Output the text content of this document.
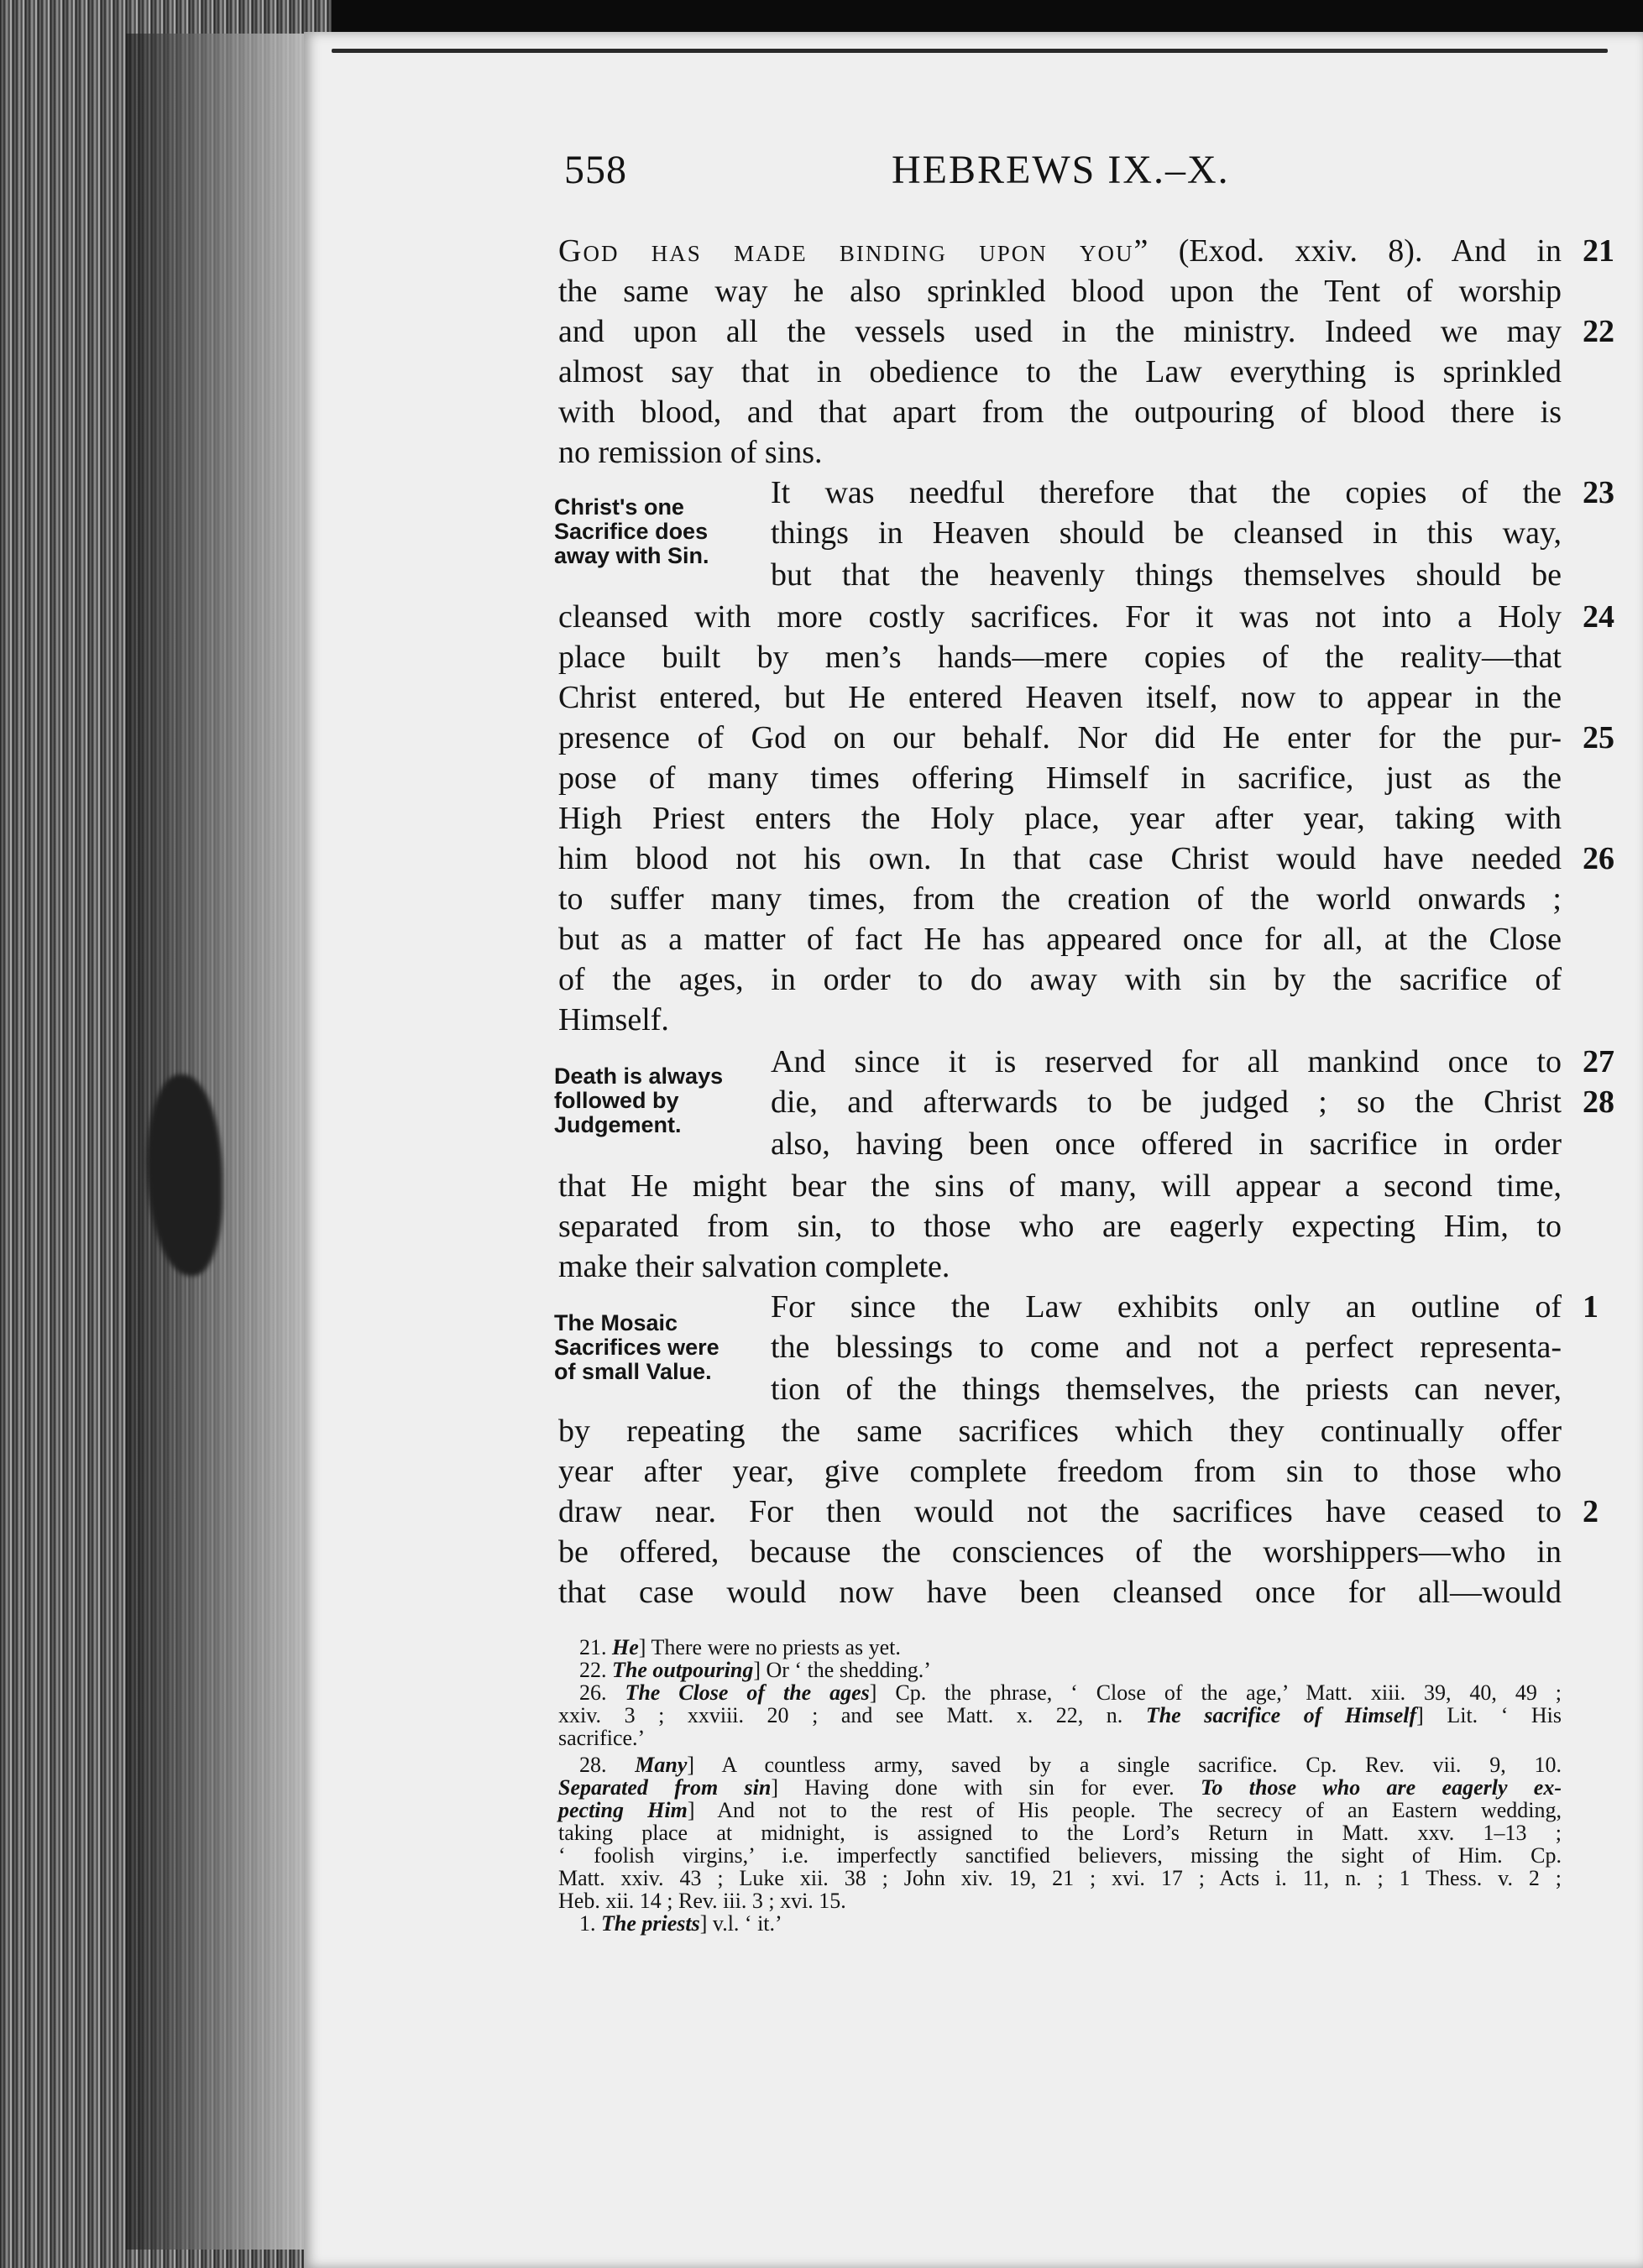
558	HEBREWS IX.–X.
God has made binding upon you” (Exod. xxiv. 8). And in
the same way he also sprinkled blood upon the Tent of worship
and upon all the vessels used in the ministry. Indeed we may
almost say that in obedience to the Law everything is sprinkled
with blood, and that apart from the outpouring of blood there is
no remission of sins.
It was needful therefore that the copies of the
things in Heaven should be cleansed in this way,
but that the heavenly things themselves should be
cleansed with more costly sacrifices. For it was not into a Holy
place built by men’s hands—mere copies of the reality—that
Christ entered, but He entered Heaven itself, now to appear in the
presence of God on our behalf. Nor did He enter for the pur-
pose of many times offering Himself in sacrifice, just as the
High Priest enters the Holy place, year after year, taking with
him blood not his own. In that case Christ would have needed
to suffer many times, from the creation of the world onwards ;
but as a matter of fact He has appeared once for all, at the Close
of the ages, in order to do away with sin by the sacrifice of
Himself.
And since it is reserved for all mankind once to
die, and afterwards to be judged ; so the Christ
also, having been once offered in sacrifice in order
that He might bear the sins of many, will appear a second time,
separated from sin, to those who are eagerly expecting Him, to
make their salvation complete.
For since the Law exhibits only an outline of
the blessings to come and not a perfect representa-
tion of the things themselves, the priests can never,
by repeating the same sacrifices which they continually offer
year after year, give complete freedom from sin to those who
draw near. For then would not the sacrifices have ceased to
be offered, because the consciences of the worshippers—who in
that case would now have been cleansed once for all—would
21
22
23
24
25
26
27
28
1
2
Christ's one
Sacrifice does
away with Sin.
Death is always
followed by
Judgement.
The Mosaic
Sacrifices were
of small Value.
21. He] There were no priests as yet.
22. The outpouring] Or ‘ the shedding.’
26. The Close of the ages] Cp. the phrase, ‘ Close of the age,’ Matt. xiii. 39, 40, 49 ;
xxiv. 3 ; xxviii. 20 ; and see Matt. x. 22, n. The sacrifice of Himself] Lit. ‘ His
sacrifice.’
28. Many] A countless army, saved by a single sacrifice. Cp. Rev. vii. 9, 10.
Separated from sin] Having done with sin for ever. To those who are eagerly ex-
pecting Him] And not to the rest of His people. The secrecy of an Eastern wedding,
taking place at midnight, is assigned to the Lord’s Return in Matt. xxv. 1–13 ;
‘ foolish virgins,’ i.e. imperfectly sanctified believers, missing the sight of Him. Cp.
Matt. xxiv. 43 ; Luke xii. 38 ; John xiv. 19, 21 ; xvi. 17 ; Acts i. 11, n. ; 1 Thess. v. 2 ;
Heb. xii. 14 ; Rev. iii. 3 ; xvi. 15.
1. The priests] v.l. ‘ it.’
